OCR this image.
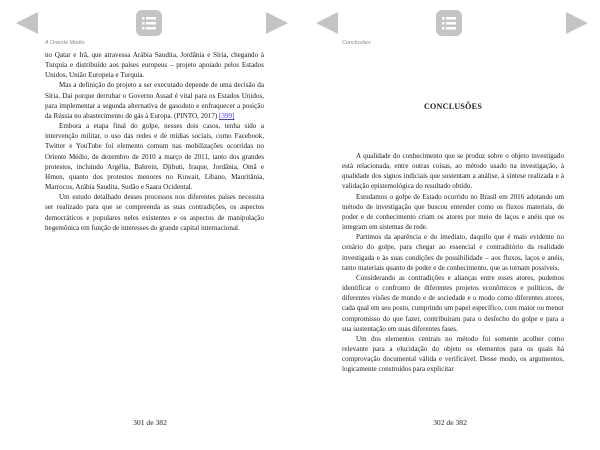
A Oriente Médio

no Qatar e Irã, que atravessa Arábia Saudita, Jordânia e Síria, chegando à Turquia e distribuído aos países europeus – projeto apoiado pelos Estados Unidos, União Europeia e Turquia.

Mas a definição do projeto a ser executado depende de uma decisão da Síria. Daí porque derrubar o Governo Assad é vital para os Estados Unidos, para implementar a segunda alternativa de gasoduto e enfraquecer a posição da Rússia no abastecimento de gás à Europa. (PINTO, 2017) [399]

Embora a etapa final do golpe, nesses dois casos, tenha sido a intervenção militar, o uso das redes e de mídias sociais, como Facebook, Twitter e YouTube foi elemento comum nas mobilizações ocorridas no Oriente Médio, de dezembro de 2010 a março de 2011, tanto dos grandes protestos, incluindo Argélia, Bahrein, Djibuti, Iraque, Jordânia, Omã e Iêmen, quanto dos protestos menores no Kuwait, Líbano, Mauritânia, Marrocos, Arábia Saudita, Sudão e Saara Ocidental.

Um estudo detalhado desses processos nos diferentes países necessita ser realizado para que se compreenda as suas contradições, os aspectos democráticos e populares neles existentes e os aspectos de manipulação hegemônica em função de interesses do grande capital internacional.

301 de 382
Conclusões
CONCLUSÕES

A qualidade do conhecimento que se produz sobre o objeto investigado está relacionada, entre outras coisas, ao método usado na investigação, à qualidade dos signos indiciais que sustentam a análise, à síntese realizada e à validação epistemológica do resultado obtido.

Estudamos o golpe de Estado ocorrido no Brasil em 2016 adotando um método de investigação que buscou entender como os fluxos materiais, de poder e de conhecimento criam os atores por meio de laços e anéis que os integram em sistemas de rede.

Partimos da aparência e do imediato, daquilo que é mais evidente no cenário do golpe, para chegar ao essencial e contraditório da realidade investigada e às suas condições de possibilidade – aos fluxos, laços e anéis, tanto materiais quanto de poder e de conhecimento, que as tornam possíveis.

Considerando as contradições e alianças entre esses atores, pudemos identificar o confronto de diferentes projetos econômicos e políticos, de diferentes visões de mundo e de sociedade e o modo como diferentes atores, cada qual em seu posto, cumprindo um papel específico, com maior ou menor compromisso do que fazer, contribuíram para o desfecho do golpe e para a sua sustentação em suas diferentes fases.

Um dos elementos centrais no método foi somente acolher como relevante para a elucidação do objeto os elementos para os quais há comprovação documental válida e verificável. Desse modo, os argumentos, logicamente construídos para explicitar

302 de 382
